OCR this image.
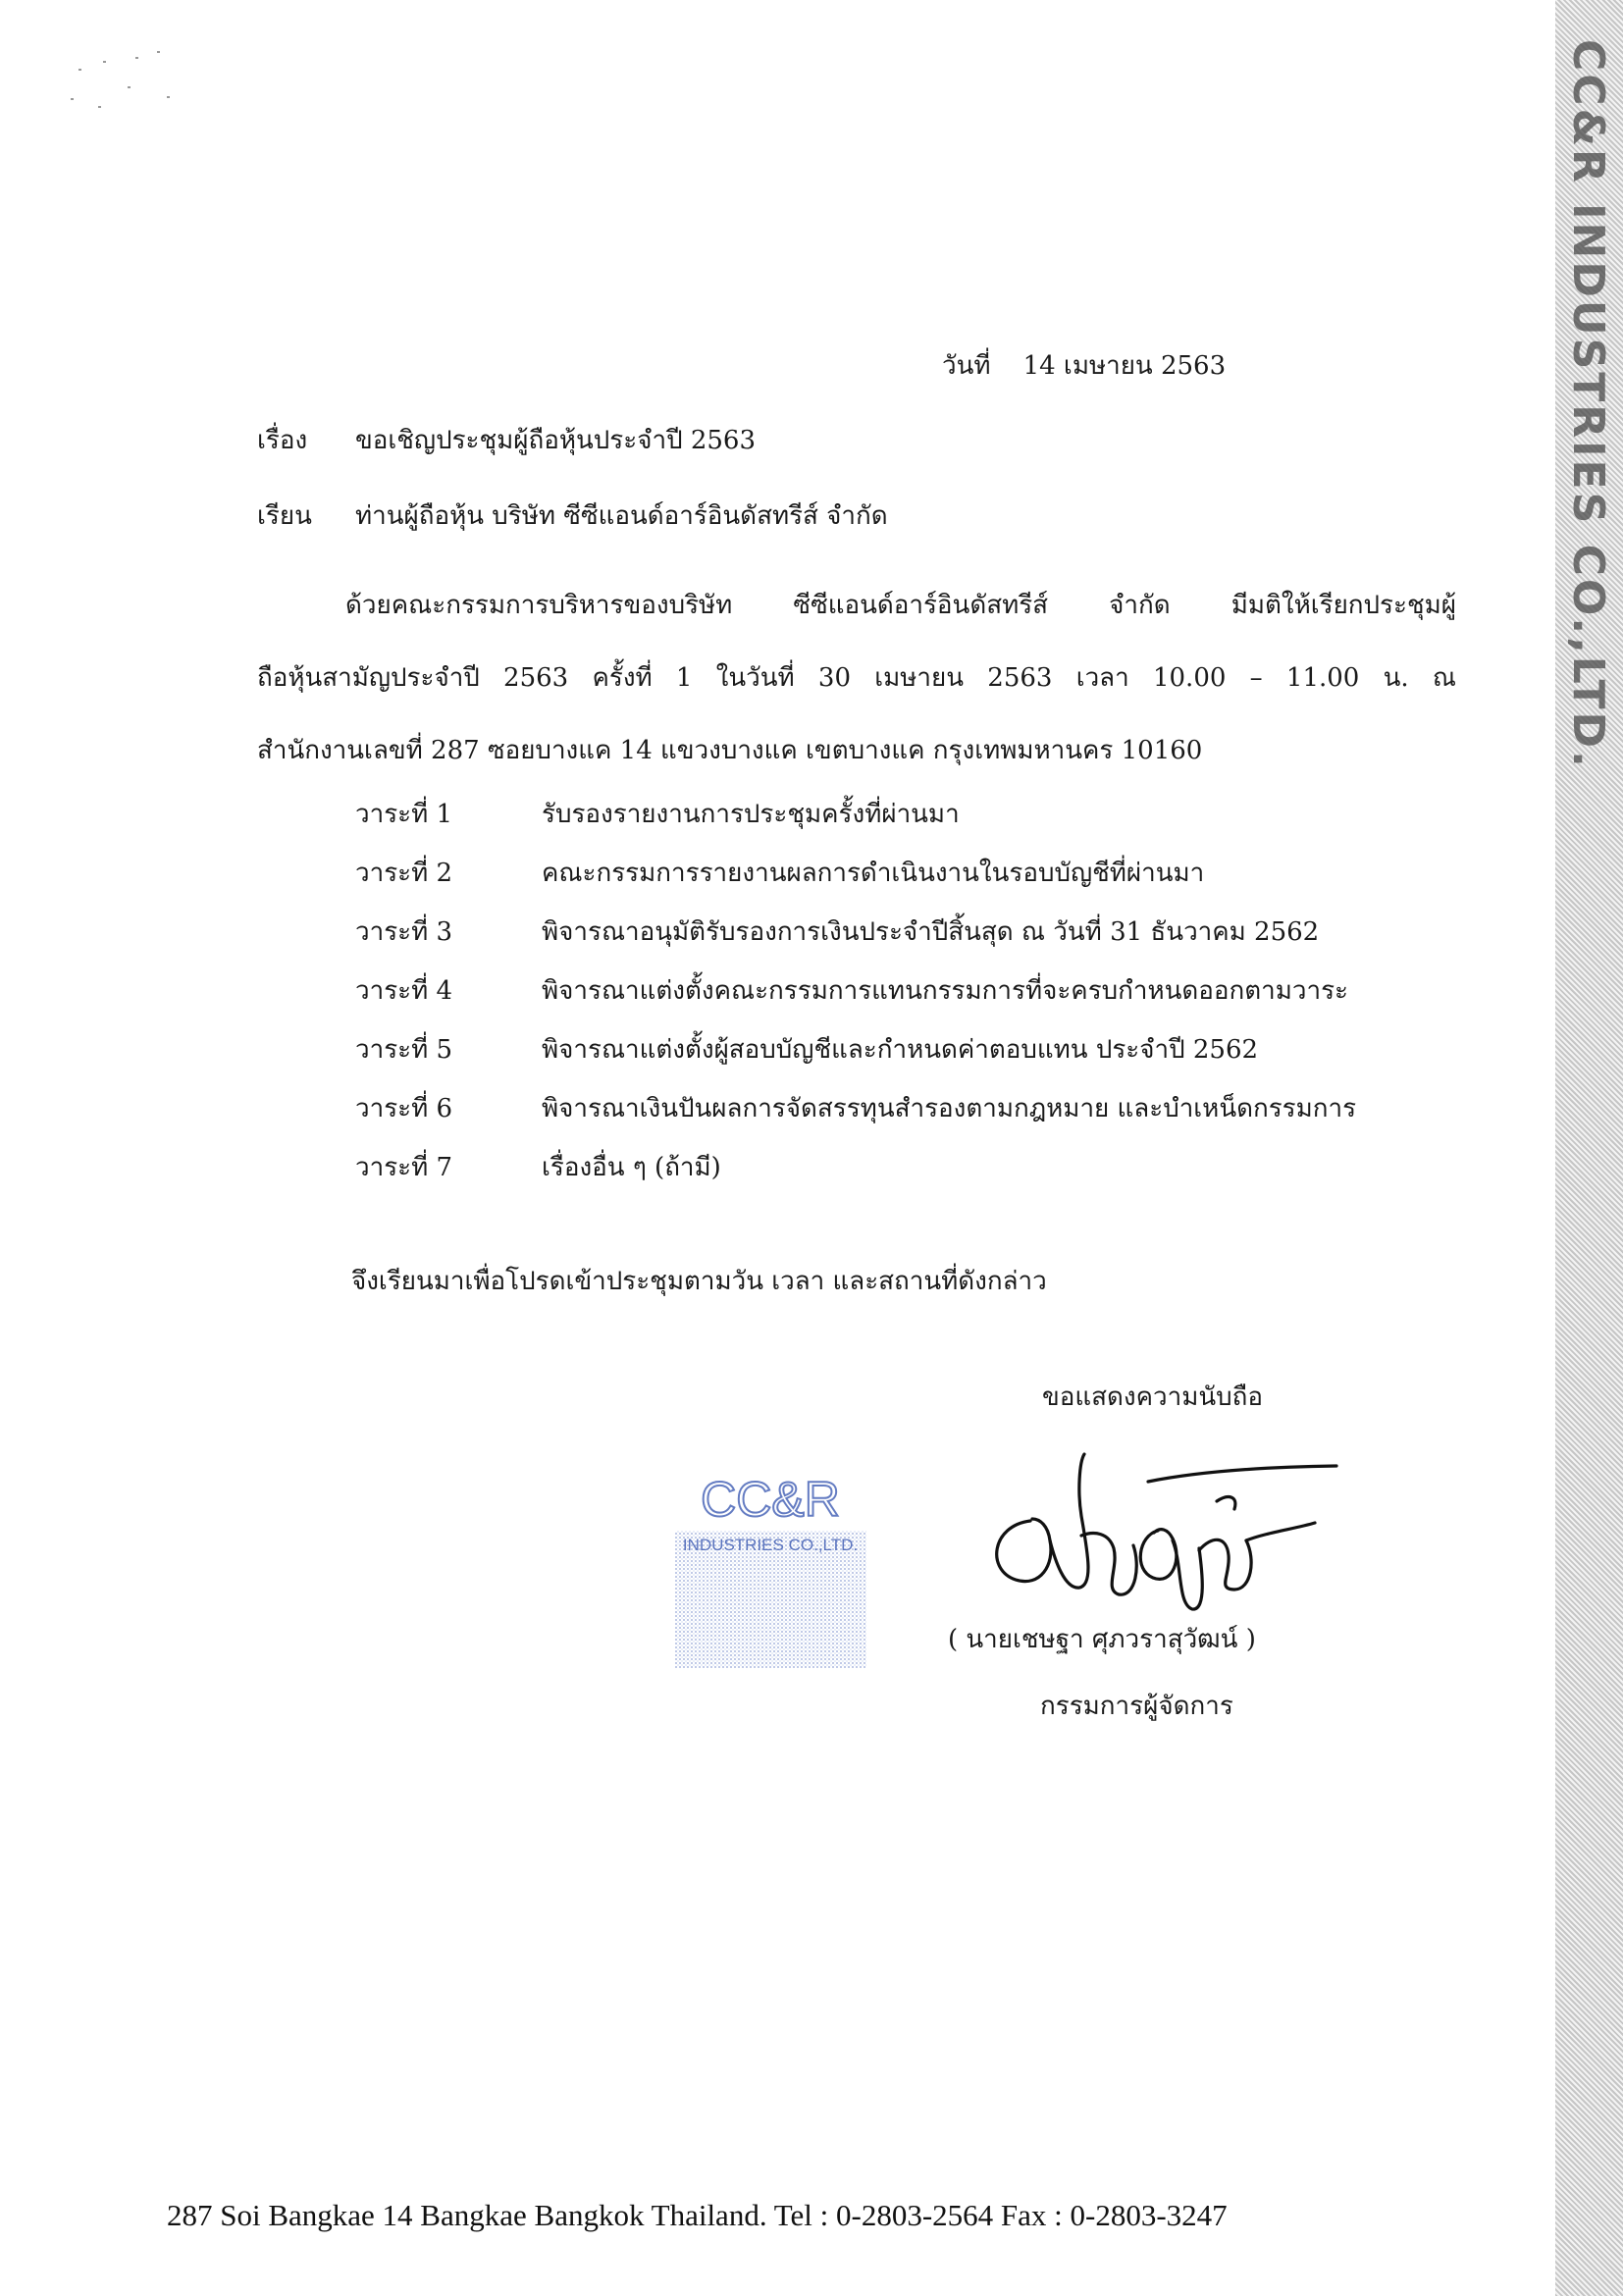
CC&R INDUSTRIES CO.,LTD.
วันที่ 14 เมษายน 2563
เรื่อง ขอเชิญประชุมผู้ถือหุ้นประจำปี 2563
เรียน ท่านผู้ถือหุ้น บริษัท ซีซีแอนด์อาร์อินดัสทรีส์ จำกัด
ด้วยคณะกรรมการบริหารของบริษัท ซีซีแอนด์อาร์อินดัสทรีส์ จำกัด มีมติให้เรียกประชุมผู้
ถือหุ้นสามัญประจำปี 2563 ครั้งที่ 1 ในวันที่ 30 เมษายน 2563 เวลา 10.00 – 11.00 น. ณ
สำนักงานเลขที่ 287 ซอยบางแค 14 แขวงบางแค เขตบางแค กรุงเทพมหานคร 10160
วาระที่ 1	รับรองรายงานการประชุมครั้งที่ผ่านมา
วาระที่ 2	คณะกรรมการรายงานผลการดำเนินงานในรอบบัญชีที่ผ่านมา
วาระที่ 3	พิจารณาอนุมัติรับรองการเงินประจำปีสิ้นสุด ณ วันที่ 31 ธันวาคม 2562
วาระที่ 4	พิจารณาแต่งตั้งคณะกรรมการแทนกรรมการที่จะครบกำหนดออกตามวาระ
วาระที่ 5	พิจารณาแต่งตั้งผู้สอบบัญชีและกำหนดค่าตอบแทน ประจำปี 2562
วาระที่ 6	พิจารณาเงินปันผลการจัดสรรทุนสำรองตามกฎหมาย และบำเหน็ดกรรมการ
วาระที่ 7	เรื่องอื่น ๆ (ถ้ามี)
จึงเรียนมาเพื่อโปรดเข้าประชุมตามวัน เวลา และสถานที่ดังกล่าว
ขอแสดงความนับถือ
CC&R
INDUSTRIES CO.,LTD.
( นายเชษฐา ศุภวราสุวัฒน์ )
กรรมการผู้จัดการ
287 Soi Bangkae 14 Bangkae Bangkok Thailand. Tel : 0-2803-2564 Fax : 0-2803-3247
